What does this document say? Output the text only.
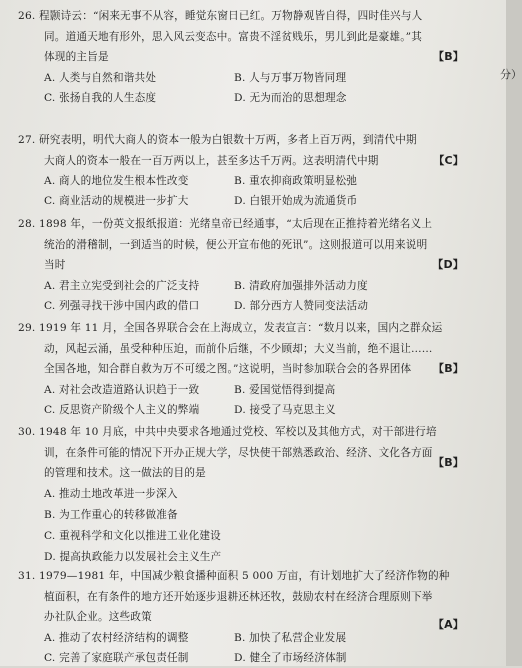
分）

26. 程颢诗云：“闲来无事不从容，睡觉东窗日已红。万物静观皆自得，四时佳兴与人

同。道通天地有形外，思入风云变态中。富贵不淫贫贱乐，男儿到此是豪雄。”其

体现的主旨是	【B】

A. 人类与自然和谐共处	B. 人与万事万物皆同理
C. 张扬自我的人生态度	D. 无为而治的思想理念

27. 研究表明，明代大商人的资本一般为白银数十万两，多者上百万两，到清代中期

大商人的资本一般在一百万两以上，甚至多达千万两。这表明清代中期	【C】

A. 商人的地位发生根本性改变	B. 重农抑商政策明显松弛
C. 商业活动的规模进一步扩大	D. 白银开始成为流通货币

28. 1898 年，一份英文报纸报道：光绪皇帝已经通事，“太后现在正推持着光绪名义上

统治的滑稽制，一到适当的时候，便公开宣布他的死讯”。这则报道可以用来说明

当时	【D】

A. 君主立宪受到社会的广泛支持	B. 清政府加强排外活动力度
C. 列强寻找干涉中国内政的借口	D. 部分西方人赞同变法活动

29. 1919 年 11 月，全国各界联合会在上海成立，发表宣言：“数月以来，国内之群众运

动，风起云涌，虽受种种压迫，而前仆后继，不少顾却；大义当前，绝不退让……

全国各地，知合群自救为万不可缓之图。”这说明，当时参加联合会的各界团体 【B】

A. 对社会改造道路认识趋于一致	B. 爱国觉悟得到提高
C. 反思资产阶级个人主义的弊端	D. 接受了马克思主义

30. 1948 年 10 月底，中共中央要求各地通过党校、军校以及其他方式，对干部进行培

训，在条件可能的情况下开办正规大学，尽快使干部熟悉政治、经济、文化各方面

的管理和技术。这一做法的目的是
【B】

A. 推动土地改革进一步深入
B. 为工作重心的转移做准备
C. 重视科学和文化以推进工业化建设
D. 提高执政能力以发展社会主义生产

31. 1979—1981 年，中国减少粮食播种面积 5 000 万亩，有计划地扩大了经济作物的种

植面积，在有条件的地方还开始逐步退耕还林还牧，鼓励农村在经济合理原则下举

办社队企业。这些政策
【A】

A. 推动了农村经济结构的调整	B. 加快了私营企业发展
C. 完善了家庭联产承包责任制	D. 健全了市场经济体制
